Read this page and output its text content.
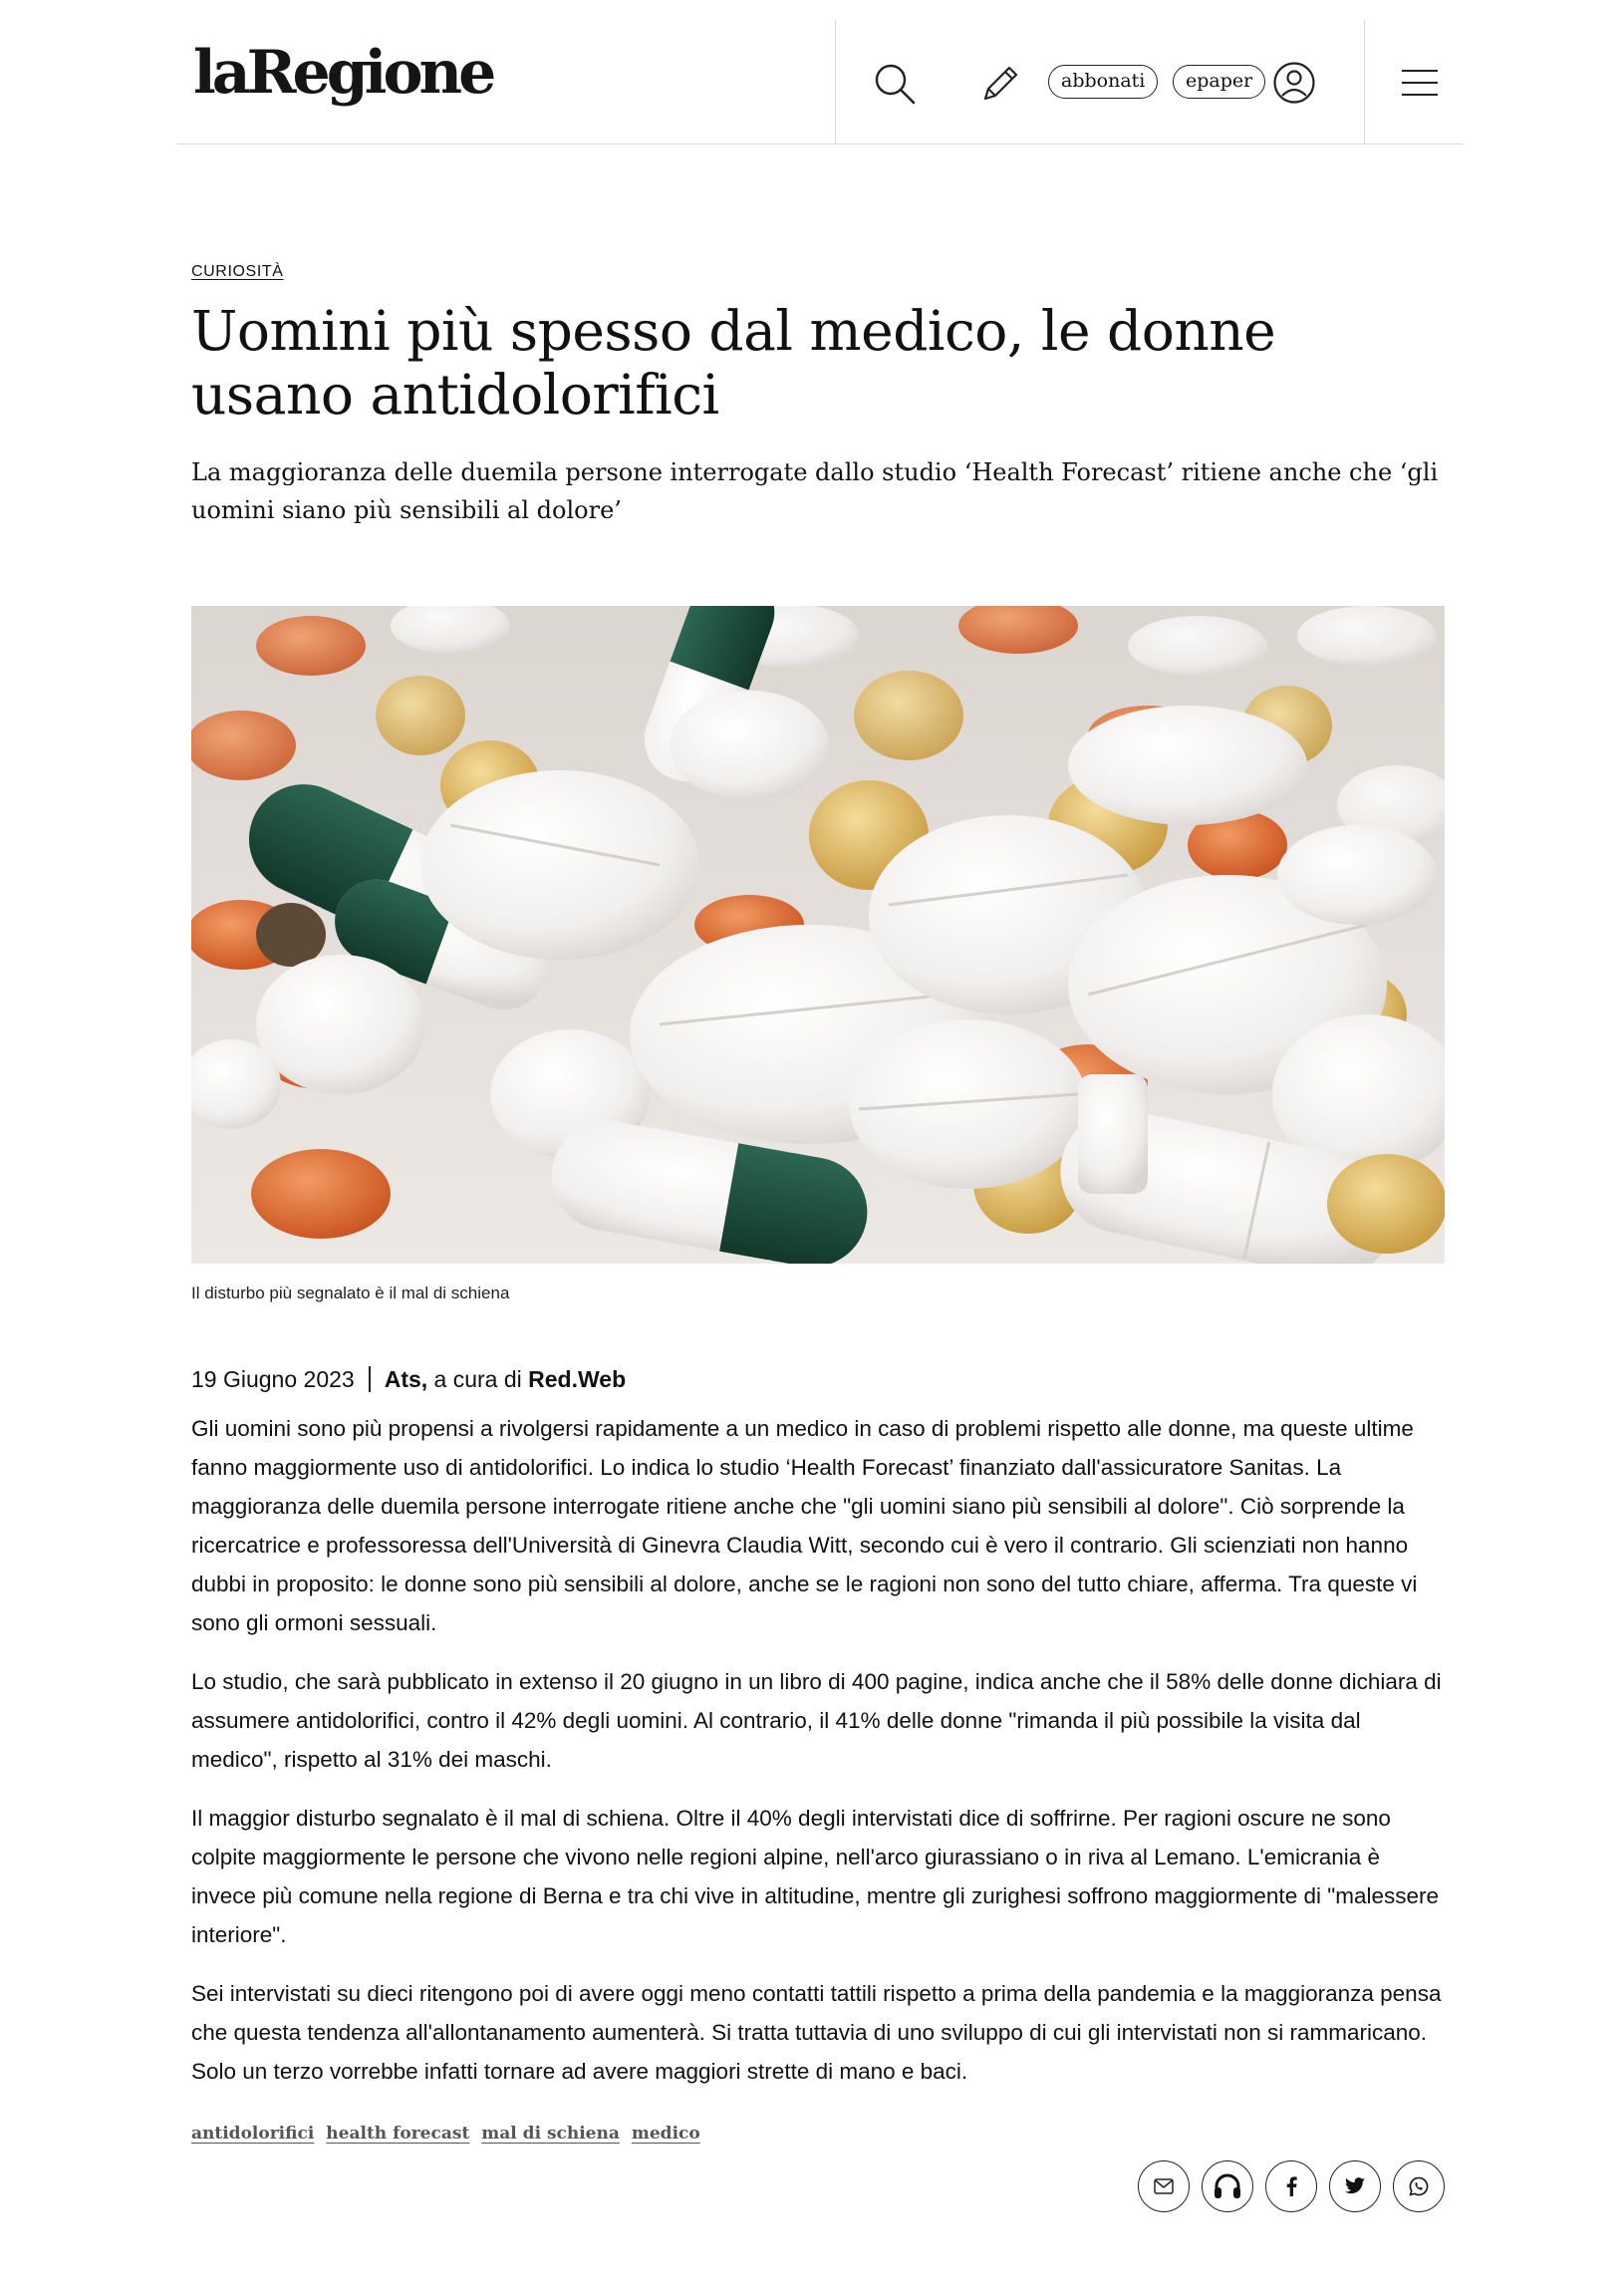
laRegione	abbonati	epaper
CURIOSITÀ
Uomini più spesso dal medico, le donne usano antidolorifici

La maggioranza delle duemila persone interrogate dallo studio ‘Health Forecast’ ritiene anche che ‘gli uomini siano più sensibili al dolore’

Il disturbo più segnalato è il mal di schiena
19 Giugno 2023 Ats,
a cura di
Red.Web

Gli uomini sono più propensi a rivolgersi rapidamente a un medico in caso di problemi rispetto alle donne, ma queste ultime fanno maggiormente uso di antidolorifici. Lo indica lo studio ‘Health Forecast’ finanziato dall'assicuratore Sanitas. La maggioranza delle duemila persone interrogate ritiene anche che "gli uomini siano più sensibili al dolore". Ciò sorprende la ricercatrice e professoressa dell'Università di Ginevra Claudia Witt, secondo cui è vero il contrario. Gli scienziati non hanno dubbi in proposito: le donne sono più sensibili al dolore, anche se le ragioni non sono del tutto chiare, afferma. Tra queste vi sono gli ormoni sessuali.

Lo studio, che sarà pubblicato in extenso il 20 giugno in un libro di 400 pagine, indica anche che il 58% delle donne dichiara di assumere antidolorifici, contro il 42% degli uomini. Al contrario, il 41% delle donne "rimanda il più possibile la visita dal medico", rispetto al 31% dei maschi.

Il maggior disturbo segnalato è il mal di schiena. Oltre il 40% degli intervistati dice di soffrirne. Per ragioni oscure ne sono colpite maggiormente le persone che vivono nelle regioni alpine, nell'arco giurassiano o in riva al Lemano. L'emicrania è invece più comune nella regione di Berna e tra chi vive in altitudine, mentre gli zurighesi soffrono maggiormente di "malessere interiore".

Sei intervistati su dieci ritengono poi di avere oggi meno contatti tattili rispetto a prima della pandemia e la maggioranza pensa che questa tendenza all'allontanamento aumenterà. Si tratta tuttavia di uno sviluppo di cui gli intervistati non si rammaricano. Solo un terzo vorrebbe infatti tornare ad avere maggiori strette di mano e baci.

antidolorifici health forecast mal di schiena medico
